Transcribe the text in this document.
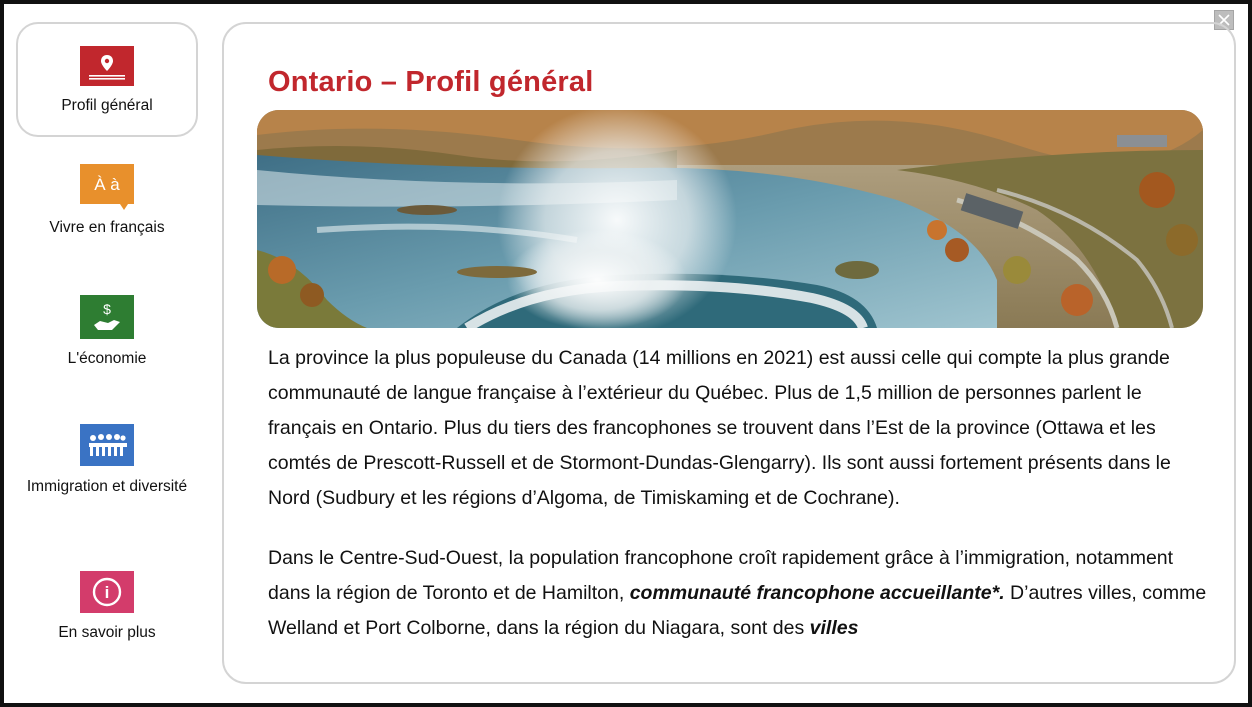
Profil général
À à
Vivre en français
$
L'économie
Immigration et diversité
i
En savoir plus
Ontario – Profil général

La province la plus populeuse du Canada (14 millions en 2021) est aussi celle qui compte la plus grande communauté de langue française à l’extérieur du Québec. Plus de 1,5 million de personnes parlent le français en Ontario. Plus du tiers des francophones se trouvent dans l’Est de la province (Ottawa et les comtés de Prescott-Russell et de Stormont-Dundas-Glengarry). Ils sont aussi fortement présents dans le Nord (Sudbury et les régions d’Algoma, de Timiskaming et de Cochrane).

Dans le Centre-Sud-Ouest, la population francophone croît rapidement grâce à l’immigration, notamment dans la région de Toronto et de Hamilton, communauté francophone accueillante*. D’autres villes, comme Welland et Port Colborne, dans la région du Niagara, sont des villes
